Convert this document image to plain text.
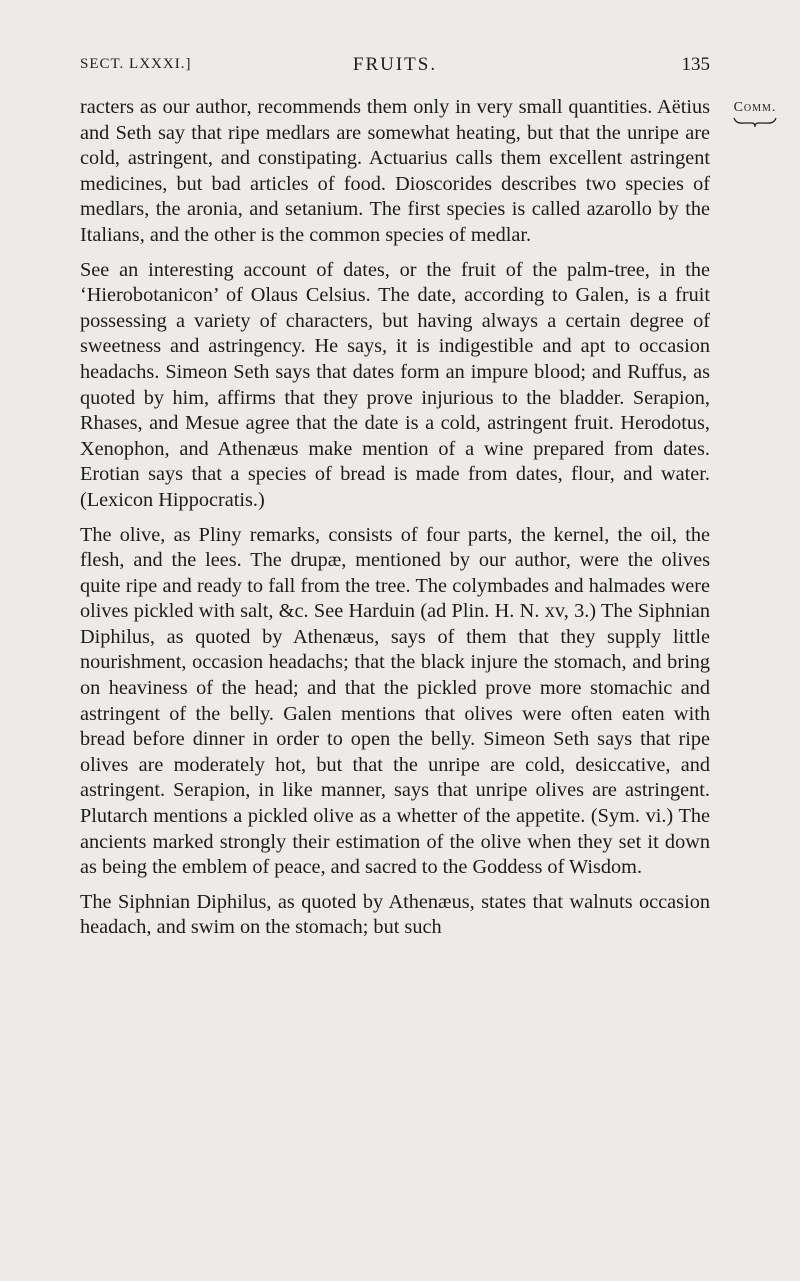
SECT. LXXXI.]	FRUITS.	135
Comm.

racters as our author, recommends them only in very small quantities. Aëtius and Seth say that ripe medlars are somewhat heating, but that the unripe are cold, astringent, and constipating. Actuarius calls them excellent astringent medicines, but bad articles of food. Dioscorides describes two species of medlars, the aronia, and setanium. The first species is called azarollo by the Italians, and the other is the common species of medlar.

See an interesting account of dates, or the fruit of the palm-tree, in the ‘Hierobotanicon’ of Olaus Celsius. The date, according to Galen, is a fruit possessing a variety of characters, but having always a certain degree of sweetness and astringency. He says, it is indigestible and apt to occasion headachs. Simeon Seth says that dates form an impure blood; and Ruffus, as quoted by him, affirms that they prove injurious to the bladder. Serapion, Rhases, and Mesue agree that the date is a cold, astringent fruit. Herodotus, Xenophon, and Athenæus make mention of a wine prepared from dates. Erotian says that a species of bread is made from dates, flour, and water. (Lexicon Hippocratis.)

The olive, as Pliny remarks, consists of four parts, the kernel, the oil, the flesh, and the lees. The drupæ, mentioned by our author, were the olives quite ripe and ready to fall from the tree. The colymbades and halmades were olives pickled with salt, &c. See Harduin (ad Plin. H. N. xv, 3.) The Siphnian Diphilus, as quoted by Athenæus, says of them that they supply little nourishment, occasion headachs; that the black injure the stomach, and bring on heaviness of the head; and that the pickled prove more stomachic and astringent of the belly. Galen mentions that olives were often eaten with bread before dinner in order to open the belly. Simeon Seth says that ripe olives are moderately hot, but that the unripe are cold, desiccative, and astringent. Serapion, in like manner, says that unripe olives are astringent. Plutarch mentions a pickled olive as a whetter of the appetite. (Sym. vi.) The ancients marked strongly their estimation of the olive when they set it down as being the emblem of peace, and sacred to the Goddess of Wisdom.

The Siphnian Diphilus, as quoted by Athenæus, states that walnuts occasion headach, and swim on the stomach; but such
